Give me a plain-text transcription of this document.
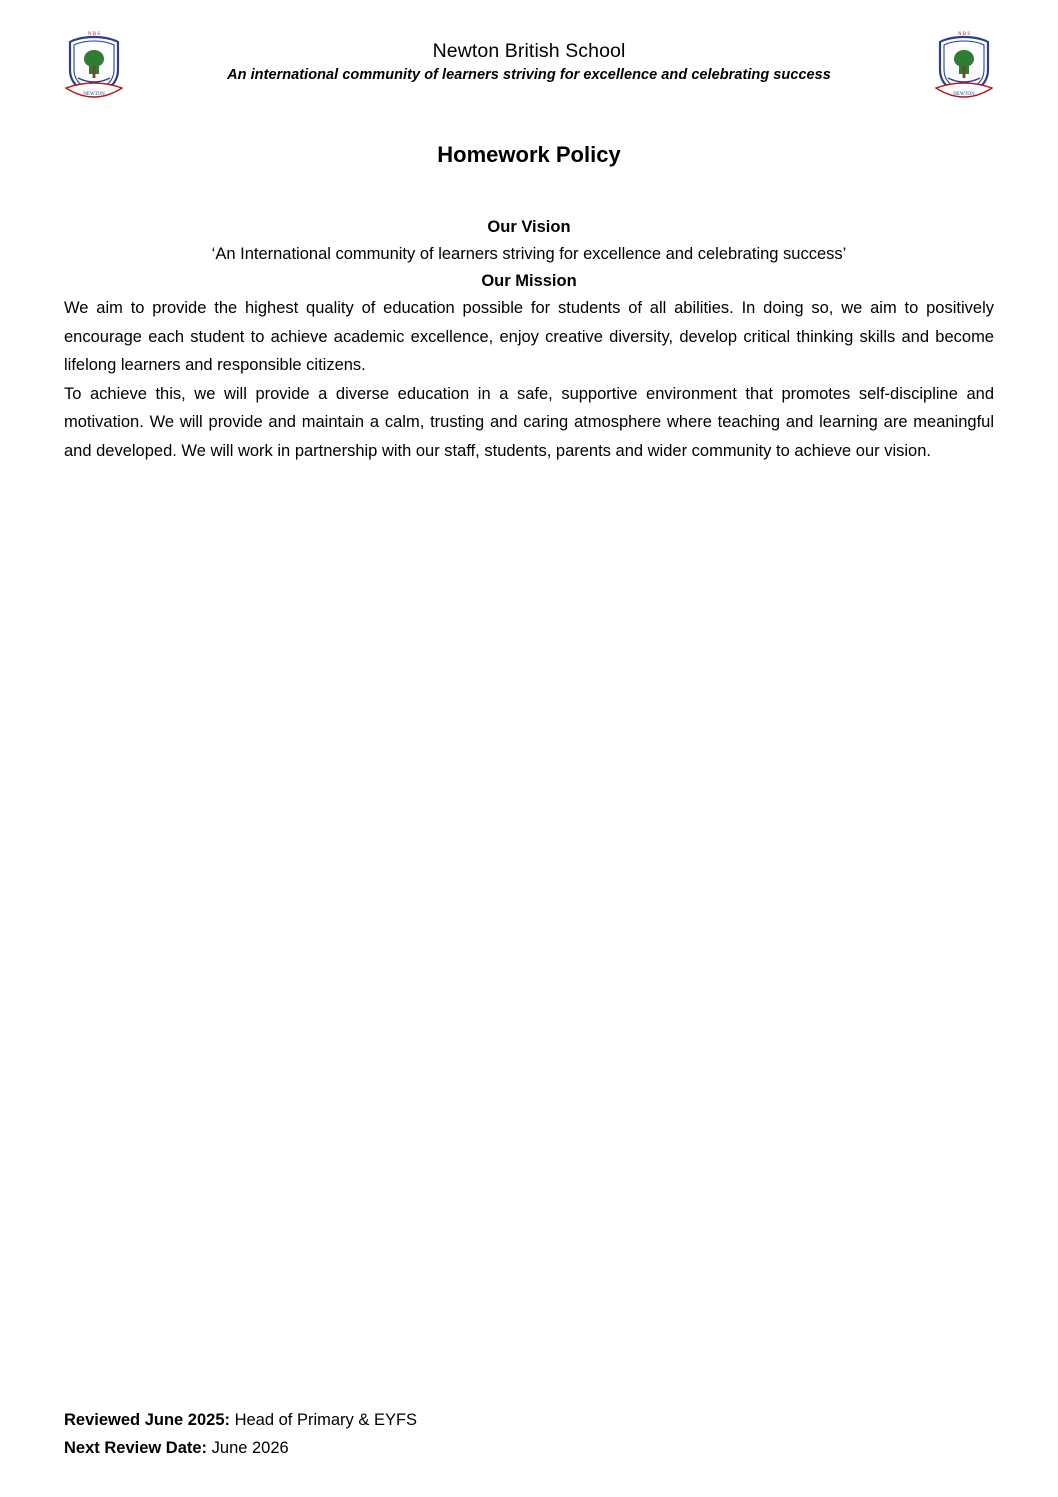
N B S
NEWTON
Newton British School
An international community of learners striving for excellence and celebrating success
N B S
NEWTON
Homework Policy
Our Vision
‘An International community of learners striving for excellence and celebrating success’
Our Mission

We aim to provide the highest quality of education possible for students of all abilities. In doing so, we aim to positively encourage each student to achieve academic excellence, enjoy creative diversity, develop critical thinking skills and become lifelong learners and responsible citizens.

To achieve this, we will provide a diverse education in a safe, supportive environment that promotes self-discipline and motivation. We will provide and maintain a calm, trusting and caring atmosphere where teaching and learning are meaningful and developed. We will work in partnership with our staff, students, parents and wider community to achieve our vision.

Reviewed June 2025: Head of Primary & EYFS
Next Review Date: June 2026
